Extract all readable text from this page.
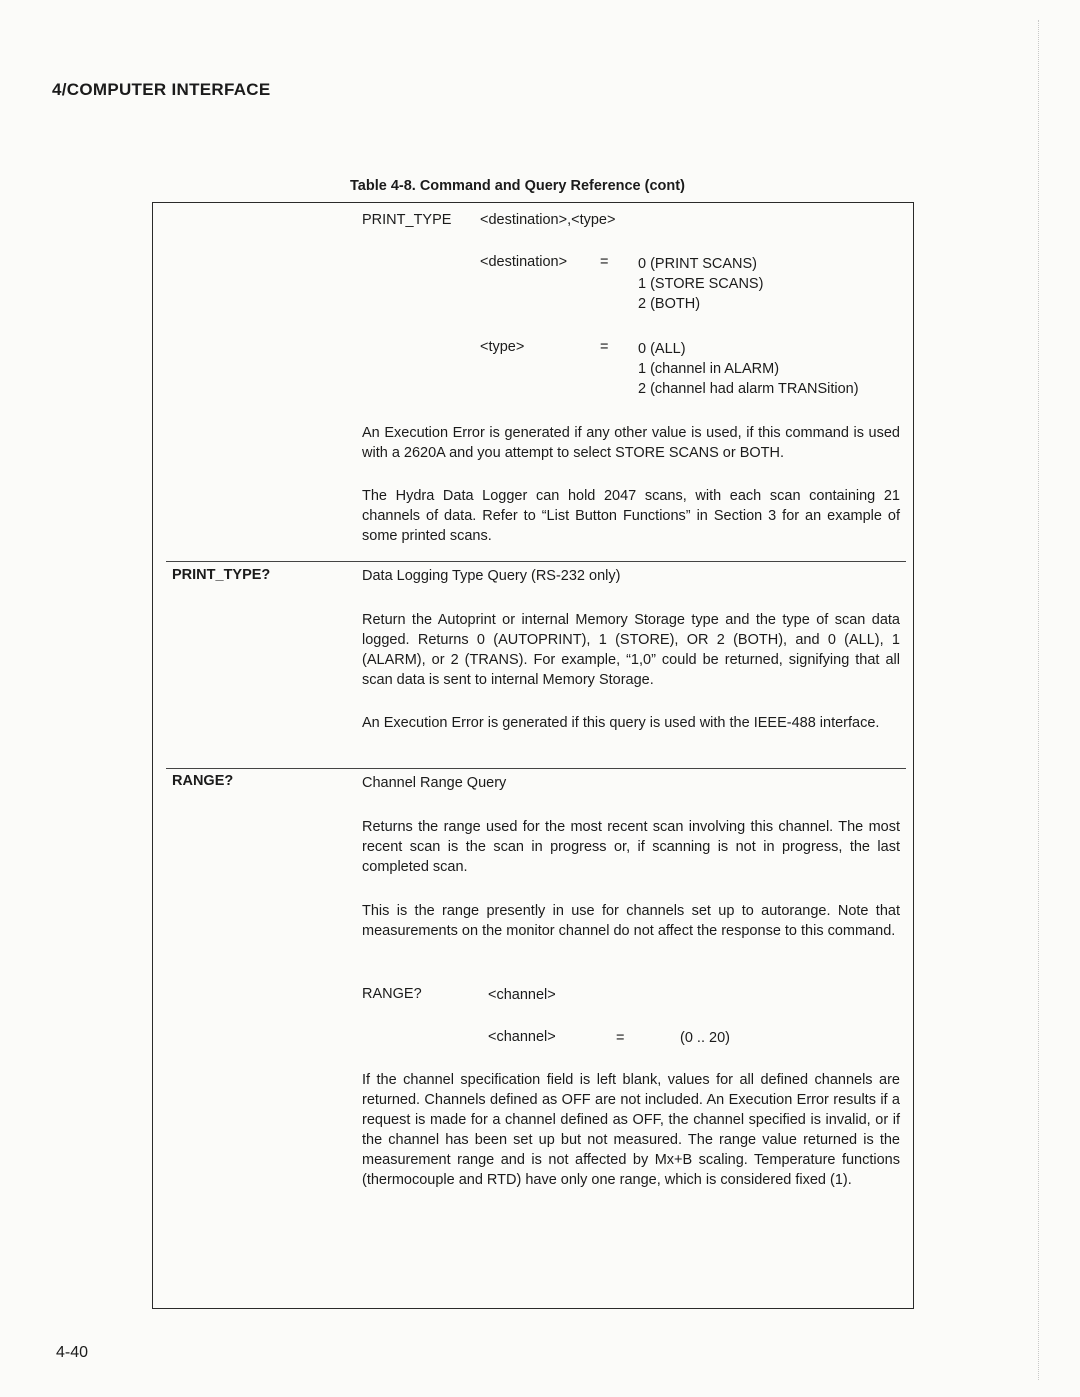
4/COMPUTER INTERFACE
Table 4-8. Command and Query Reference (cont)
PRINT_TYPE <destination>,<type>
<destination> = 0 (PRINT SCANS)
1 (STORE SCANS)
2 (BOTH)
<type>	= 0 (ALL)
1 (channel in ALARM)
2 (channel had alarm TRANSition)
An Execution Error is generated if any other value is used, if this command is used with a 2620A and you attempt to select STORE SCANS or BOTH.
The Hydra Data Logger can hold 2047 scans, with each scan containing 21 channels of data. Refer to “List Button Functions” in Section 3 for an example of some printed scans.
PRINT_TYPE?	Data Logging Type Query (RS-232 only)
Return the Autoprint or internal Memory Storage type and the type of scan data logged. Returns 0 (AUTOPRINT), 1 (STORE), OR 2 (BOTH), and 0 (ALL), 1 (ALARM), or 2 (TRANS). For example, “1,0” could be returned, signifying that all scan data is sent to internal Memory Storage.
An Execution Error is generated if this query is used with the IEEE-488 interface.
RANGE?	Channel Range Query
Returns the range used for the most recent scan involving this channel. The most recent scan is the scan in progress or, if scanning is not in progress, the last completed scan.
This is the range presently in use for channels set up to autorange. Note that measurements on the monitor channel do not affect the response to this command.
RANGE?	<channel>
<channel>	=	(0 .. 20)
If the channel specification field is left blank, values for all defined channels are returned. Channels defined as OFF are not included. An Execution Error results if a request is made for a channel defined as OFF, the channel specified is invalid, or if the channel has been set up but not measured. The range value returned is the measurement range and is not affected by Mx+B scaling. Temperature functions (thermocouple and RTD) have only one range, which is considered fixed (1).
4-40
